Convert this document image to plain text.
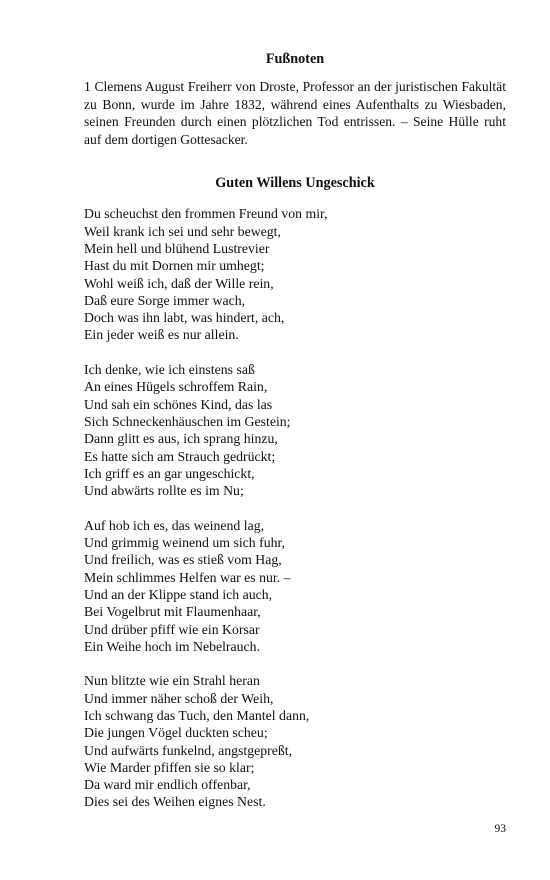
Fußnoten

1 Clemens August Freiherr von Droste, Professor an der juristischen Fakultät zu Bonn, wurde im Jahre 1832, während eines Aufenthalts zu Wiesbaden, seinen Freunden durch einen plötzlichen Tod entrissen. – Seine Hülle ruht auf dem dortigen Gottesacker.

Guten Willens Ungeschick
Du scheuchst den frommen Freund von mir,
Weil krank ich sei und sehr bewegt,
Mein hell und blühend Lustrevier
Hast du mit Dornen mir umhegt;
Wohl weiß ich, daß der Wille rein,
Daß eure Sorge immer wach,
Doch was ihn labt, was hindert, ach,
Ein jeder weiß es nur allein.
Ich denke, wie ich einstens saß
An eines Hügels schroffem Rain,
Und sah ein schönes Kind, das las
Sich Schneckenhäuschen im Gestein;
Dann glitt es aus, ich sprang hinzu,
Es hatte sich am Strauch gedrückt;
Ich griff es an gar ungeschickt,
Und abwärts rollte es im Nu;
Auf hob ich es, das weinend lag,
Und grimmig weinend um sich fuhr,
Und freilich, was es stieß vom Hag,
Mein schlimmes Helfen war es nur. –
Und an der Klippe stand ich auch,
Bei Vogelbrut mit Flaumenhaar,
Und drüber pfiff wie ein Korsar
Ein Weihe hoch im Nebelrauch.
Nun blitzte wie ein Strahl heran
Und immer näher schoß der Weih,
Ich schwang das Tuch, den Mantel dann,
Die jungen Vögel duckten scheu;
Und aufwärts funkelnd, angstgepreßt,
Wie Marder pfiffen sie so klar;
Da ward mir endlich offenbar,
Dies sei des Weihen eignes Nest.
93
